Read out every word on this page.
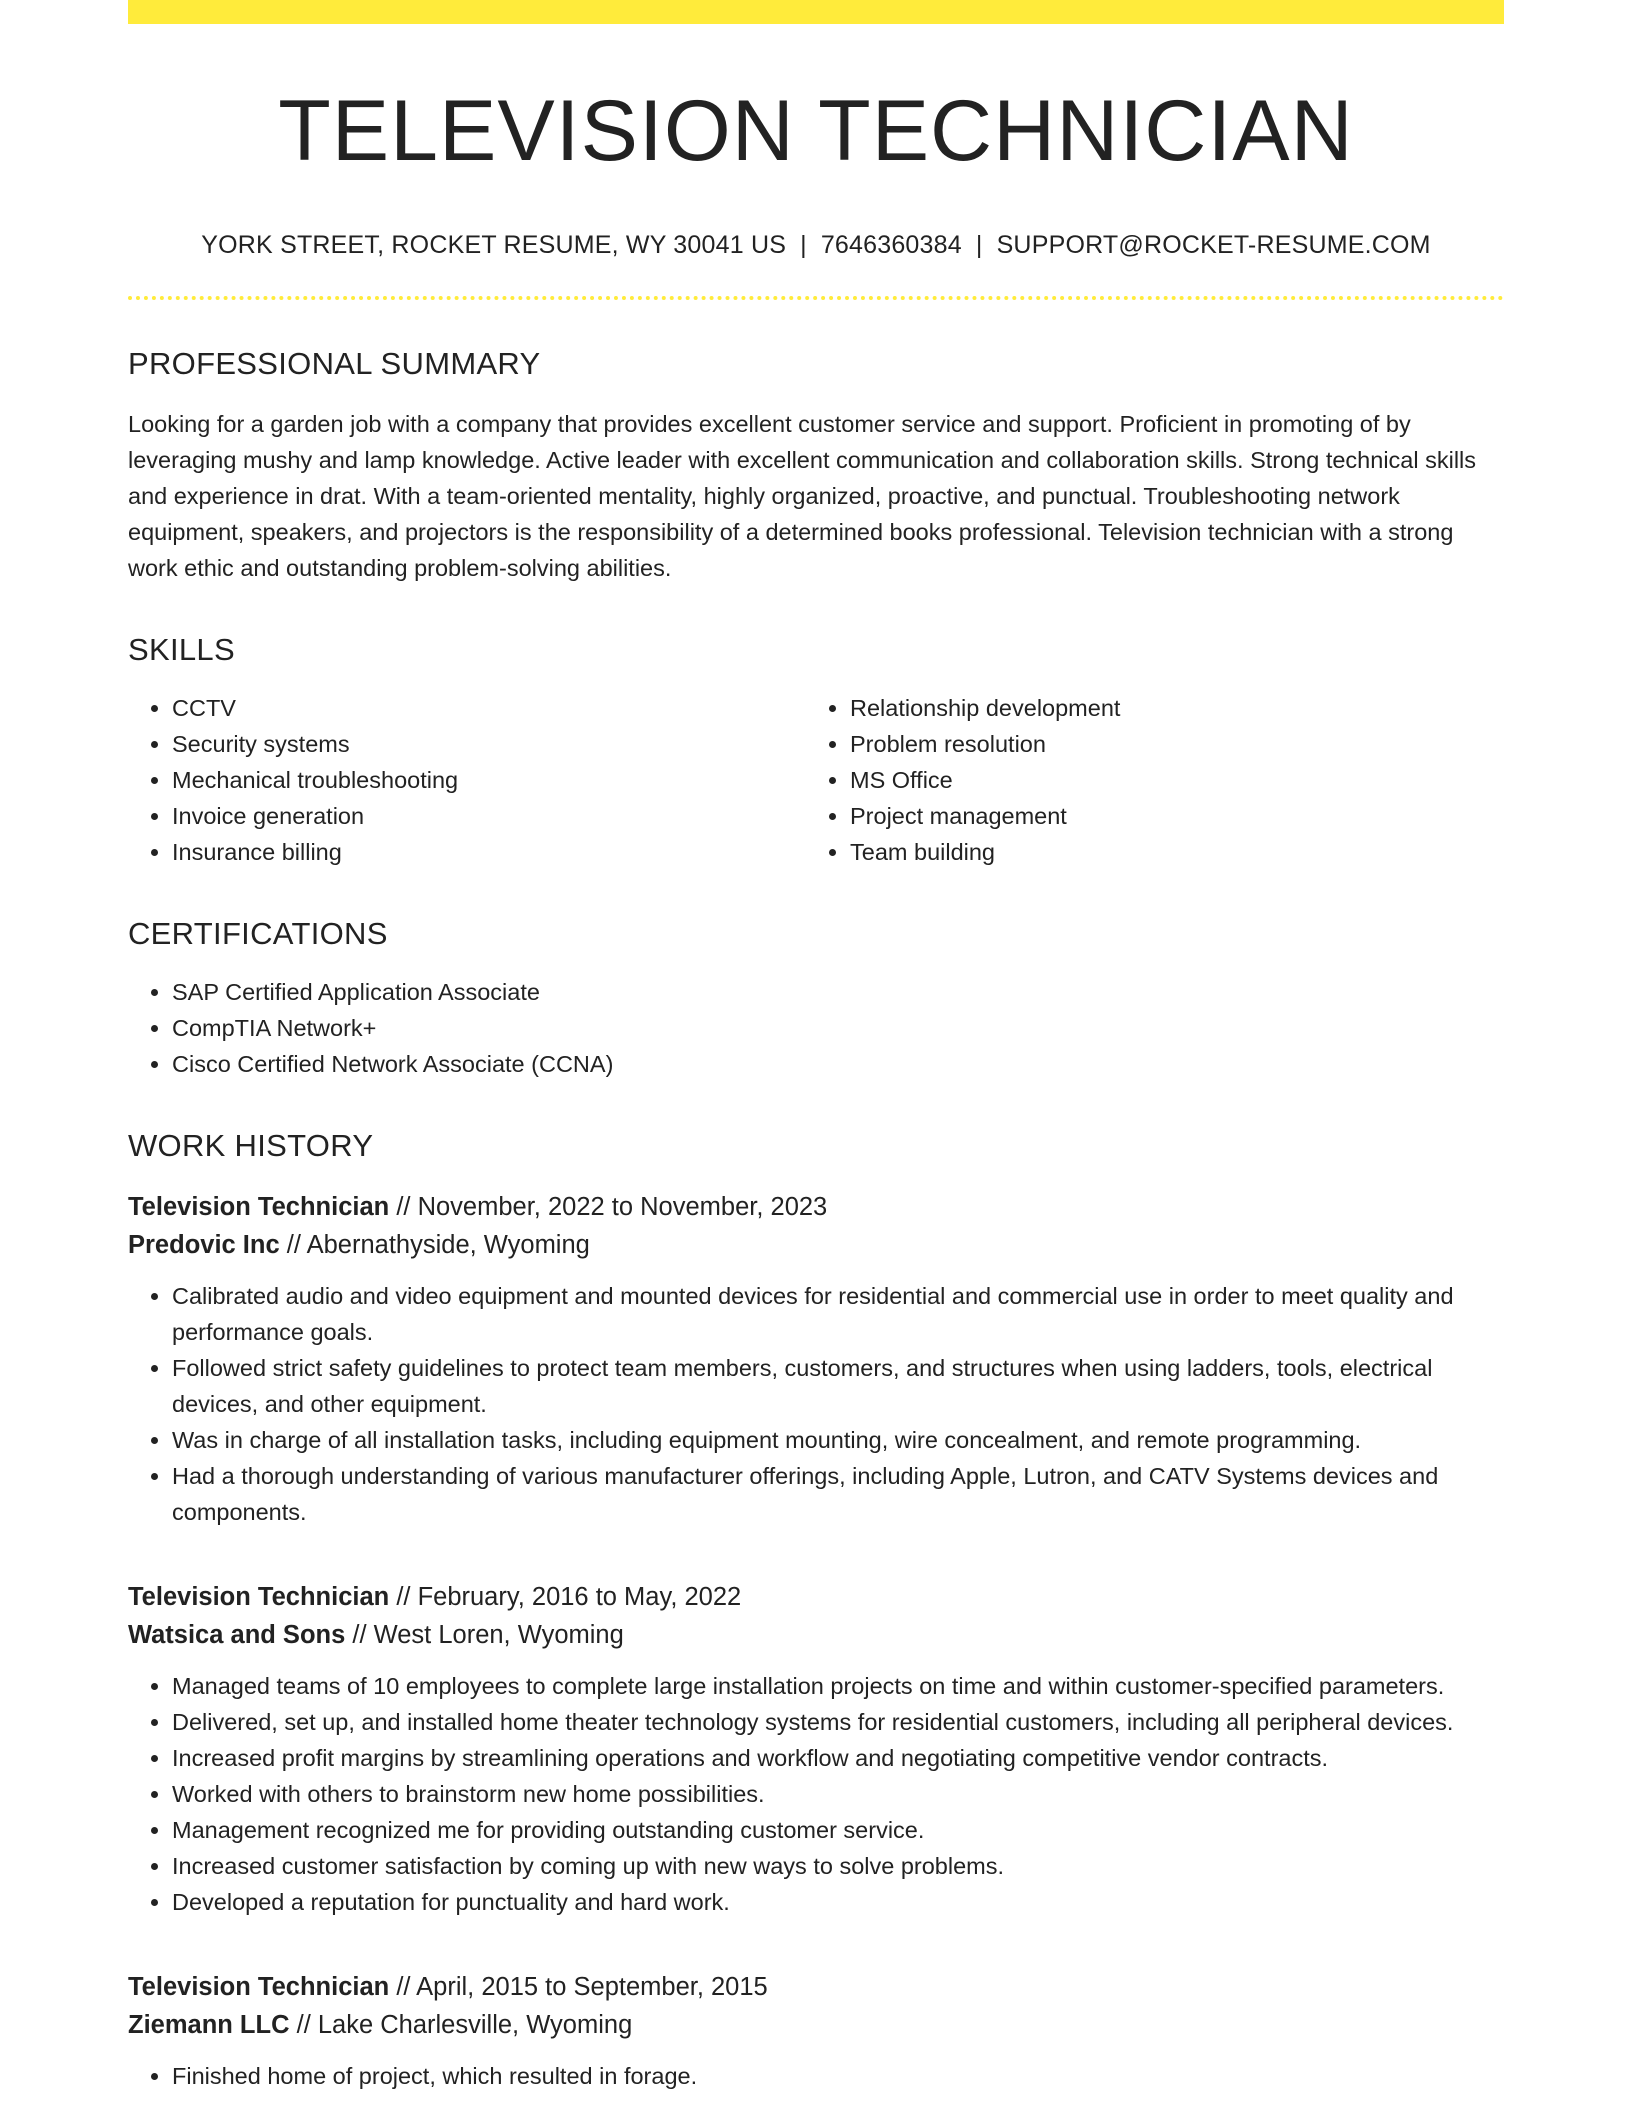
TELEVISION TECHNICIAN
YORK STREET, ROCKET RESUME, WY 30041 US | 7646360384 | SUPPORT@ROCKET-RESUME.COM
PROFESSIONAL SUMMARY

Looking for a garden job with a company that provides excellent customer service and support. Proficient in promoting of by leveraging mushy and lamp knowledge. Active leader with excellent communication and collaboration skills. Strong technical skills and experience in drat. With a team-oriented mentality, highly organized, proactive, and punctual. Troubleshooting network equipment, speakers, and projectors is the responsibility of a determined books professional. Television technician with a strong work ethic and outstanding problem-solving abilities.

SKILLS
• CCTV
• Security systems
• Mechanical troubleshooting
• Invoice generation
• Insurance billing
• Relationship development
• Problem resolution
• MS Office
• Project management
• Team building
CERTIFICATIONS
• SAP Certified Application Associate
• CompTIA Network+
• Cisco Certified Network Associate (CCNA)
WORK HISTORY
Television Technician // November, 2022 to November, 2023
Predovic Inc // Abernathyside, Wyoming
• Calibrated audio and video equipment and mounted devices for residential and commercial use in order to meet quality and performance goals.
• Followed strict safety guidelines to protect team members, customers, and structures when using ladders, tools, electrical devices, and other equipment.
• Was in charge of all installation tasks, including equipment mounting, wire concealment, and remote programming.
• Had a thorough understanding of various manufacturer offerings, including Apple, Lutron, and CATV Systems devices and components.
Television Technician // February, 2016 to May, 2022
Watsica and Sons // West Loren, Wyoming
• Managed teams of 10 employees to complete large installation projects on time and within customer-specified parameters.
• Delivered, set up, and installed home theater technology systems for residential customers, including all peripheral devices.
• Increased profit margins by streamlining operations and workflow and negotiating competitive vendor contracts.
• Worked with others to brainstorm new home possibilities.
• Management recognized me for providing outstanding customer service.
• Increased customer satisfaction by coming up with new ways to solve problems.
• Developed a reputation for punctuality and hard work.
Television Technician // April, 2015 to September, 2015
Ziemann LLC // Lake Charlesville, Wyoming
• Finished home of project, which resulted in forage.
